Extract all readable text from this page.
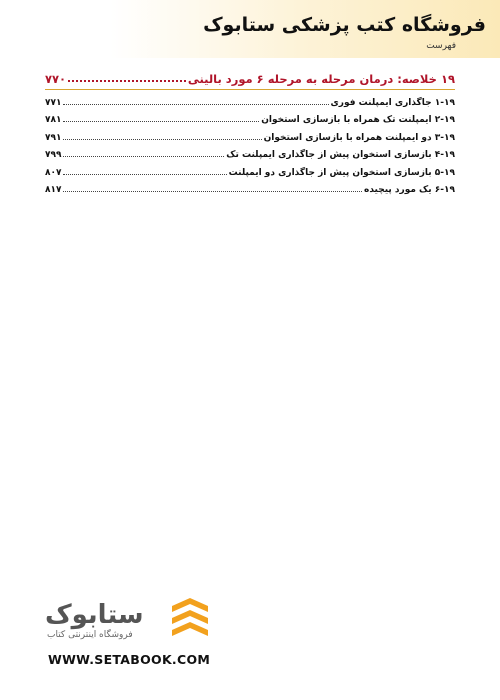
فروشگاه کتب پزشکی ستابوک
فهرست
۱۹ خلاصه: درمان مرحله به مرحله ۶ مورد بالینی
۷۷۰
۱-۱۹ جاگذاری ایمپلنت فوری
۷۷۱
۲-۱۹ ایمپلنت تک همراه با بازسازی استخوان
۷۸۱
۳-۱۹ دو ایمپلنت همراه با بازسازی استخوان
۷۹۱
۴-۱۹ بازسازی استخوان پیش از جاگذاری ایمپلنت تک
۷۹۹
۵-۱۹ بازسازی استخوان پیش از جاگذاری دو ایمپلنت
۸۰۷
۶-۱۹ یک مورد پیچیده
۸۱۷
ستابوک
فروشگاه اینترنتی کتاب
WWW.SETABOOK.COM
